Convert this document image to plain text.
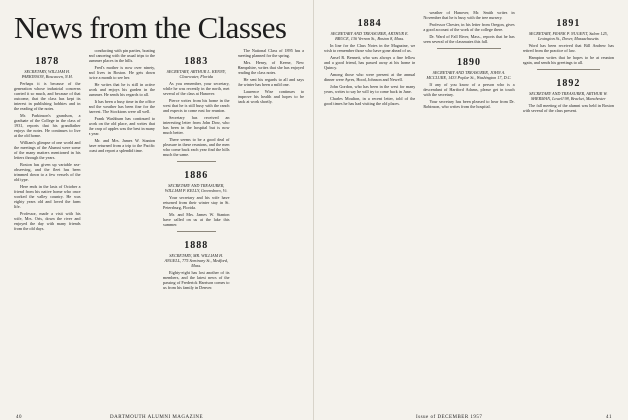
News from the Classes
1878
SECRETARY, WILLIAM H. PARKINSON, Boscawen, N.H.

Perhaps it is because of the generation whose industrial concerns carried it so much, and because of that outcome, that the class has kept its interest in publishing hobbies and in the reading of the notes.

Mr. Parkinson's grandson, a graduate of the College in the class of 1931, reports that his grandfather enjoys the notes. He continues to live at the old home.

William's glimpse of one world and the meetings of the Alumni were some of the many matters mentioned in his letters through the years.

Boston has given up variable sea-observing, and the fleet has been trimmed down to a few vessels of the old type.

Here ends in the lasts of October a friend from his native home who once worked the valley country. He was eighty years old and loved the farm life.

Professor, made a visit with his wife, Mrs. Oris, down the river and enjoyed the day with many friends from the old days.

conducting with pin parties, boating and canoeing with the usual trips to the summer places in the hills.

Fred's mother is now over ninety, and lives in Boston. He gets down twice a month to see her.

He writes that he is still in active work and enjoys his garden in the summer. He sends his regards to all.

It has been a busy time in the office and the weather has been fine for the harvest. The Stocktons were all well.

Frank Washburn has continued to work on the old place, and writes that the crop of apples was the best in many a year.

Mr. and Mrs. James W. Stanton have returned from a trip to the Pacific coast and report a splendid time.

1883
SECRETARY, ARTHUR L. KENNY, Clearwater, Florida

As you remember, your secretary, while he was recently in the north, met several of the class at Hanover.

Pierce writes from his home in the west that he is still busy with the ranch and expects to come east for reunion.

Secretary has received an interesting letter from John Dow, who has been in the hospital but is now much better.

There seems to be a good deal of pleasure in these reunions, and the men who come back each year find the hills much the same.

1886
SECRETARY AND TREASURER, WILLIAM P. KELLY, Greensboro, Vt.

Your secretary and his wife have returned from their winter stay in St. Petersburg, Florida.

Mr. and Mrs. James W. Stanton have called on us at the lake this summer.

1888
SECRETARY, MR. WILLIAM H. ANGELL, 775 Seminary St., Medford, Mass.

Eighty-eight has lost another of its members, and the latest news of the passing of Frederick Harrison comes to us from his family in Denver.

The National Class of 1895 has a meeting planned for the spring.

Mrs. Henry, of Keene, New Hampshire, writes that she has enjoyed reading the class notes.

He sent his regards to all and says the winter has been a mild one.

Laurence Wise continues to improve his health and hopes to be back at work shortly.

1884
SECRETARY AND TREASURER, ARTHUR E. BRUCE, 136 Vernon St., Boston 8, Mass.

In line for the Class Notes in the Magazine, we wish to remember those who have gone ahead of us.

Ansel R. Bennett, who was always a fine fellow and a good friend, has passed away at his home in Quincy.

Among those who were present at the annual dinner were Ayres, Hood, Johnson and Newell.

John Gordon, who has been in the west for many years, writes to say he will try to come back in June.

Charles Moulton, in a recent letter, told of the good times he has had visiting the old places.

weather of Hanover, Mr. Smith writes in November that he is busy with the tree nursery.

Professor Chester, in his letter from Oregon, gives a good account of the work of the college there.

Dr. Ward of Fall River, Mass., reports that he has seen several of the classmates this fall.

1890
SECRETARY AND TREASURER, JOHN A. MCCLURE, 1433 Poplar St., Washington 17, D.C.

If any of you know of a person who is a descendant of Hartford Adams, please get in touch with the secretary.

Your secretary has been pleased to hear from Dr. Robinson, who writes from the hospital.

1891
SECRETARY, FRANK P. NUGENT, Salem 125, Lexington St., Dover, Massachusetts

Word has been received that Bill Andrew has retired from the practice of law.

Hampton writes that he hopes to be at reunion again, and sends his greetings to all.

1892
SECRETARY AND TREASURER, ARTHUR W. SHERMAN, Lowell 98, Bracket, Manchester

The fall meeting of the alumni was held in Boston with several of the class present.

40	DARTMOUTH ALUMNI MAGAZINE	Issue of DECEMBER 1957	41
